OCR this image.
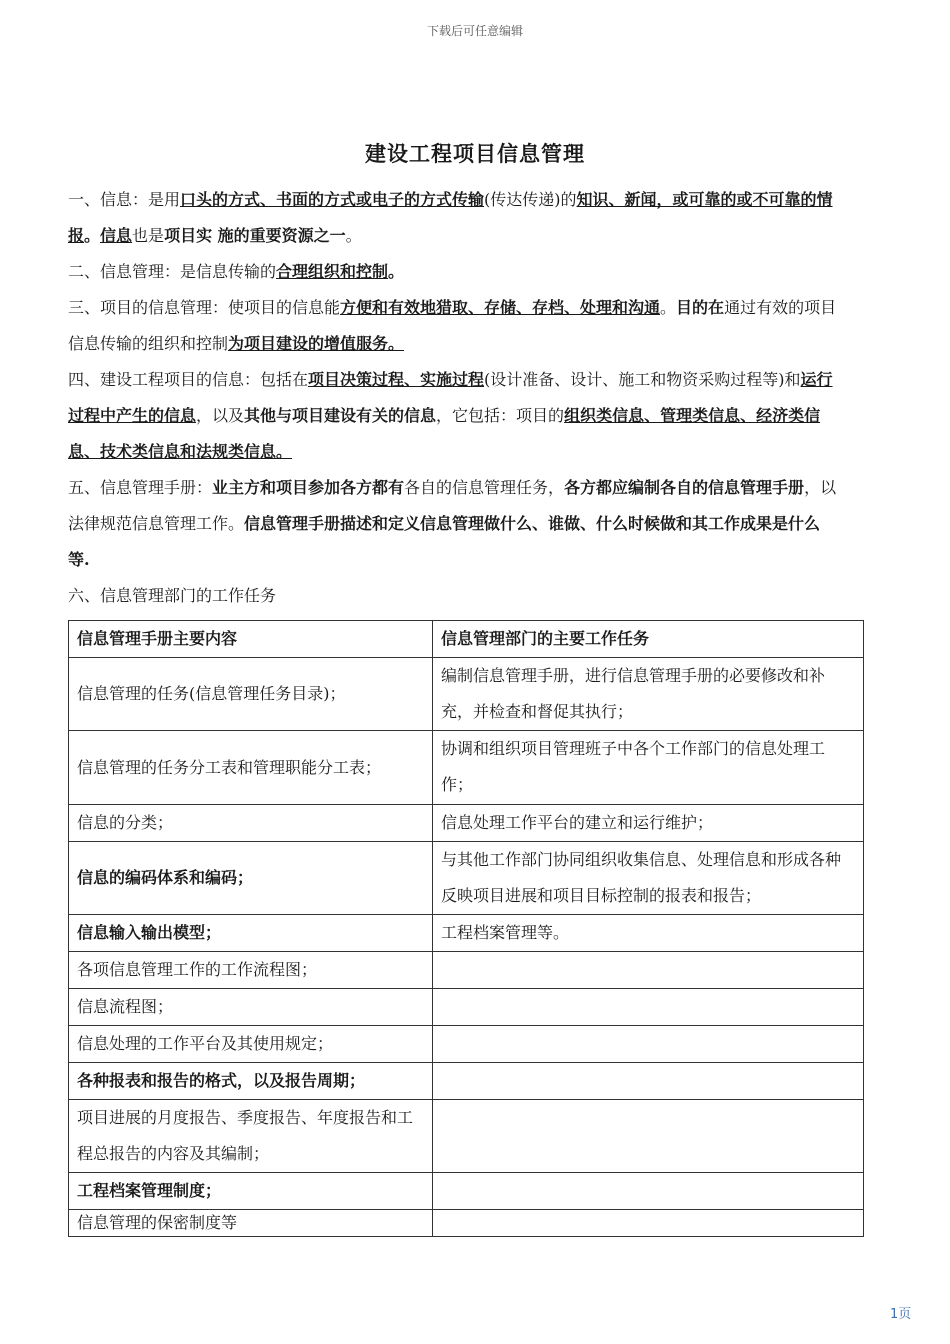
下载后可任意编辑
建设工程项目信息管理

一、信息：是用口头的方式、书面的方式或电子的方式传输(传达传递)的知识、新闻，或可靠的或不可靠的情报。信息也是项目实 施的重要资源之一。

二、信息管理：是信息传输的合理组织和控制。

三、项目的信息管理：使项目的信息能方便和有效地猎取、存储、存档、处理和沟通。目的在通过有效的项目信息传输的组织和控制为项目建设的增值服务。

四、建设工程项目的信息：包括在项目决策过程、实施过程(设计准备、设计、施工和物资采购过程等)和运行过程中产生的信息，以及其他与项目建设有关的信息，它包括：项目的组织类信息、管理类信息、经济类信息、技术类信息和法规类信息。

五、信息管理手册：业主方和项目参加各方都有各自的信息管理任务，各方都应编制各自的信息管理手册，以法律规范信息管理工作。信息管理手册描述和定义信息管理做什么、谁做、什么时候做和其工作成果是什么等.

六、信息管理部门的工作任务

信息管理手册主要内容	信息管理部门的主要工作任务
信息管理的任务(信息管理任务目录)；	编制信息管理手册，进行信息管理手册的必要修改和补充，并检查和督促其执行；
信息管理的任务分工表和管理职能分工表；	协调和组织项目管理班子中各个工作部门的信息处理工作；
信息的分类；	信息处理工作平台的建立和运行维护；
信息的编码体系和编码；	与其他工作部门协同组织收集信息、处理信息和形成各种反映项目进展和项目目标控制的报表和报告；
信息输入输出模型；	工程档案管理等。
各项信息管理工作的工作流程图；	
信息流程图；	
信息处理的工作平台及其使用规定；	
各种报表和报告的格式，以及报告周期；	
项目进展的月度报告、季度报告、年度报告和工程总报告的内容及其编制；	
工程档案管理制度；	
信息管理的保密制度等	
1页
